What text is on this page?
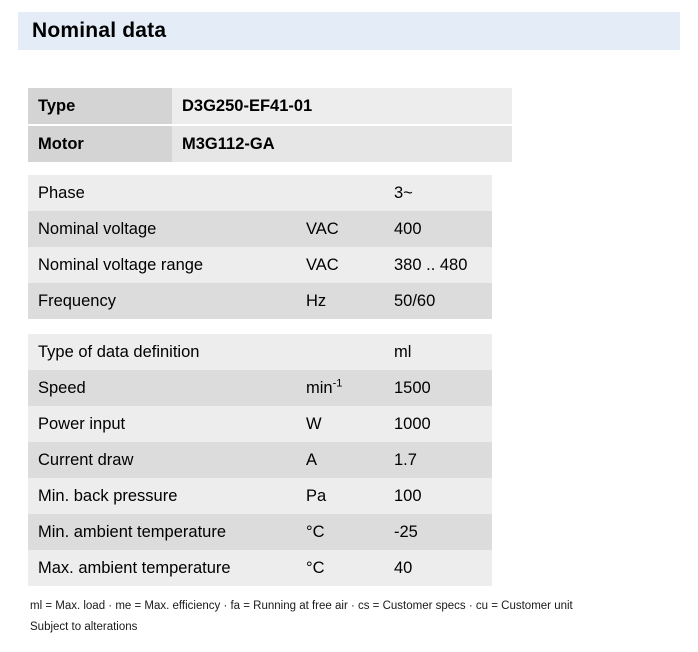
Nominal data
Type	D3G250-EF41-01

Motor	M3G112-GA
Phase		3~
Nominal voltage	VAC	400
Nominal voltage range	VAC	380 .. 480
Frequency	Hz	50/60
Type of data definition		ml
Speed	$\min^{-1}$	1500
Power input	W	1000
Current draw	A	1.7
Min. back pressure	Pa	100
Min. ambient temperature	°C	-25
Max. ambient temperature	°C	40
ml = Max. load · me = Max. efficiency · fa = Running at free air · cs = Customer specs · cu = Customer unit
Subject to alterations
